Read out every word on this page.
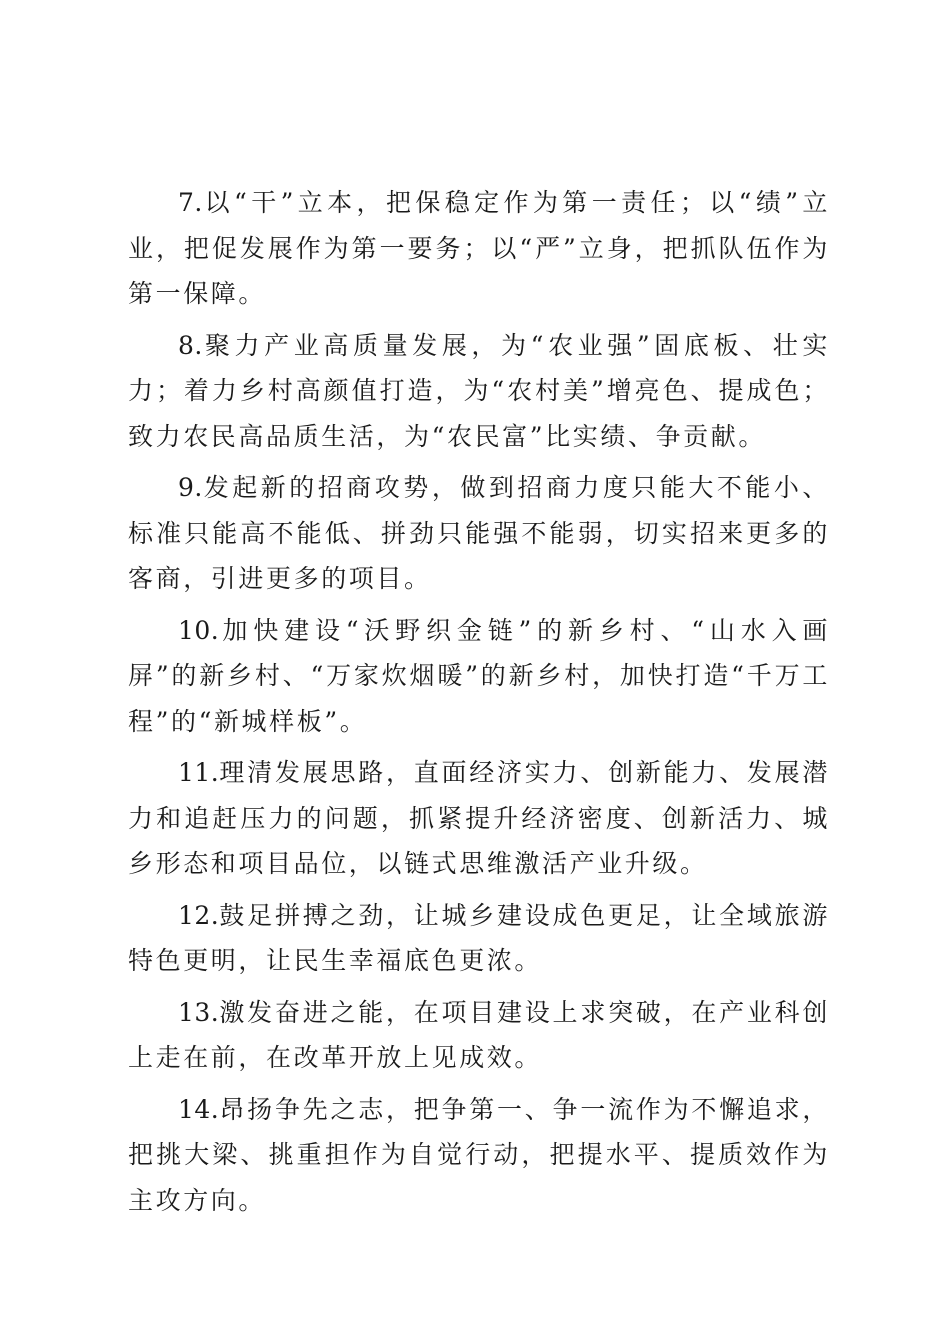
7.以“干”立本，把保稳定作为第一责任；以“绩”立业，把促发展作为第一要务；以“严”立身，把抓队伍作为第一保障。

8.聚力产业高质量发展，为“农业强”固底板、壮实力；着力乡村高颜值打造，为“农村美”增亮色、提成色；致力农民高品质生活，为“农民富”比实绩、争贡献。

9.发起新的招商攻势，做到招商力度只能大不能小、标准只能高不能低、拼劲只能强不能弱，切实招来更多的客商，引进更多的项目。

10.加快建设“沃野织金链”的新乡村、“山水入画屏”的新乡村、“万家炊烟暖”的新乡村，加快打造“千万工程”的“新城样板”。

11.理清发展思路，直面经济实力、创新能力、发展潜力和追赶压力的问题，抓紧提升经济密度、创新活力、城乡形态和项目品位，以链式思维激活产业升级。

12.鼓足拼搏之劲，让城乡建设成色更足，让全域旅游特色更明，让民生幸福底色更浓。

13.激发奋进之能，在项目建设上求突破，在产业科创上走在前，在改革开放上见成效。

14.昂扬争先之志，把争第一、争一流作为不懈追求，把挑大梁、挑重担作为自觉行动，把提水平、提质效作为主攻方向。
